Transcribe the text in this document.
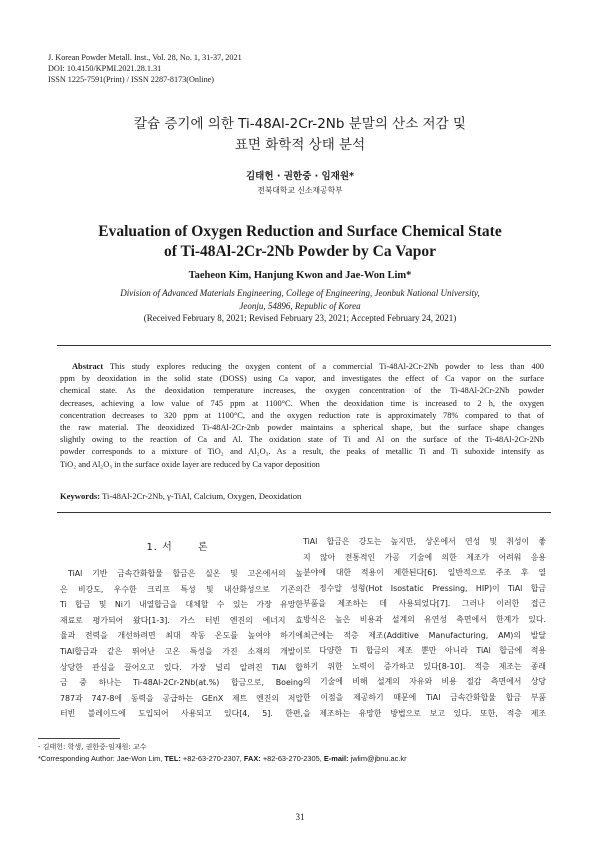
J. Korean Powder Metall. Inst., Vol. 28, No. 1, 31-37, 2021
DOI: 10.4150/KPMI.2021.28.1.31
ISSN 1225-7591(Print) / ISSN 2287-8173(Online)
칼슘 증기에 의한 Ti-48Al-2Cr-2Nb 분말의 산소 저감 및
표면 화학적 상태 분석
김태헌 · 권한중 · 임재원*
전북대학교 신소재공학부
Evaluation of Oxygen Reduction and Surface Chemical State
of Ti-48Al-2Cr-2Nb Powder by Ca Vapor
Taeheon Kim, Hanjung Kwon and Jae-Won Lim*
Division of Advanced Materials Engineering, College of Engineering, Jeonbuk National University,
Jeonju, 54896, Republic of Korea
(Received February 8, 2021; Revised February 23, 2021; Accepted February 24, 2021)
Abstract This study explores reducing the oxygen content of a commercial Ti-48Al-2Cr-2Nb powder to less than 400
ppm by deoxidation in the solid state (DOSS) using Ca vapor, and investigates the effect of Ca vapor on the surface
chemical state. As the deoxidation temperature increases, the oxygen concentration of the Ti-48Al-2Cr-2Nb powder
decreases, achieving a low value of 745 ppm at 1100°C. When the deoxidation time is increased to 2 h, the oxygen
concentration decreases to 320 ppm at 1100°C, and the oxygen reduction rate is approximately 78% compared to that of
the raw material. The deoxidized Ti-48Al-2Cr-2nb powder maintains a spherical shape, but the surface shape changes
slightly owing to the reaction of Ca and Al. The oxidation state of Ti and Al on the surface of the Ti-48Al-2Cr-2Nb
powder corresponds to a mixture of TiO₂ and Al₂O₃. As a result, the peaks of metallic Ti and Ti suboxide intensify as
TiO₂ and Al₂O₃ in the surface oxide layer are reduced by Ca vapor deposition
Keywords: Ti-48Al-2Cr-2Nb, γ-TiAl, Calcium, Oxygen, Deoxidation
1. 서      론
TiAl 기반 금속간화합물 합금은 실온 및 고온에서의 높
은 비강도, 우수한 크리프 특성 및 내산화성으로 기존의
Ti 합금 및 Ni기 내열합금을 대체할 수 있는 가장 유망한
재료로 평가되어 왔다[1-3]. 가스 터빈 엔진의 에너지 효
율과 전력을 개선하려면 최대 작동 온도를 높여야 하기에
TiAl합금과 같은 뛰어난 고온 특성을 가진 소재의 개발이
상당한 관심을 끌어오고 있다. 가장 널리 알려진 TiAl 합
금 중 하나는 Ti-48Al-2Cr-2Nb(at.%) 합금으로, Boeing
787과 747-8에 동력을 공급하는 GEnX 제트 엔진의 저압
터빈 블레이드에 도입되어 사용되고 있다[4, 5]. 한편,
TiAl 합금은 강도는 높지만, 상온에서 연성 및 취성이 좋
지 않아 전통적인 가공 기술에 의한 제조가 어려워 응용
분야에 대한 적용이 제한된다[6]. 일반적으로 주조 후 열
간 정수압 성형(Hot Isostatic Pressing, HIP)이 TiAl 합금
부품을 제조하는 데 사용되었다[7]. 그러나 이러한 접근
방식은 높은 비용과 설계의 유연성 측면에서 한계가 있다.
최근에는 적층 제조(Additive Manufacturing, AM)의 발달
로 다양한 Ti 합금의 제조 뿐만 아니라 TiAl 합금에 적용
하기 위한 노력이 증가하고 있다[8-10]. 적층 제조는 종래
의 기술에 비해 설계의 자유와 비용 절감 측면에서 상당
한 이점을 제공하기 때문에 TiAl 금속간화합물 합금 부품
을 제조하는 유망한 방법으로 보고 있다. 또한, 적층 제조
- 김태헌: 학생, 권한중·임재원: 교수
*Corresponding Author: Jae-Won Lim, TEL: +82-63-270-2307, FAX: +82-63-270-2305, E-mail: jwlim@jbnu.ac.kr
31
